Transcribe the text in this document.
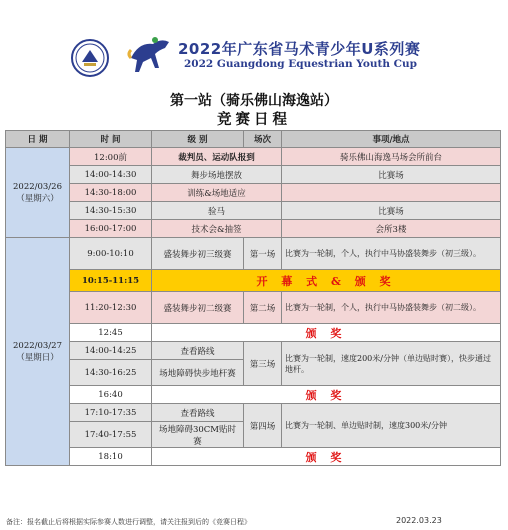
2022年广东省马术青少年U系列赛
2022 Guangdong Equestrian Youth Cup
第一站（骑乐佛山海逸站）
竞赛日程
日 期	时 间	级 别	场次	事项/地点

2022/03/26
（星期六）	12:00前	裁判员、运动队报到		骑乐佛山海逸马场会所前台
	14:00-14:30	舞步场地摆放		比赛场
	14:30-18:00	训练&场地适应		
	14:30-15:30	验马		比赛场
	16:00-17:00	技术会&抽签		会所3楼

2022/03/27
（星期日）	9:00-10:10	盛装舞步初三级赛	第一场	比赛为一轮制，个人，执行中马协盛装舞步（初三级）。
	10:15-11:15	开 幕 式 & 颁 奖		
	11:20-12:30	盛装舞步初二级赛	第二场	比赛为一轮制，个人，执行中马协盛装舞步（初二级）。
	12:45	颁 奖		
	14:00-14:25	查看路线	第三场	比赛为一轮制，速度200米/分钟（单边贴时赛），快步通过地杆。
	14:30-16:25	场地障碍快步地杆赛		
	16:40	颁 奖		
	17:10-17:35	查看路线	第四场	比赛为一轮制、单边贴时制，速度300米/分钟
	17:40-17:55	场地障碍30CM贴时赛		
	18:10	颁 奖		
备注：报名截止后将根据实际参赛人数进行调整，请关注报到后的《竞赛日程》	2022.03.23
